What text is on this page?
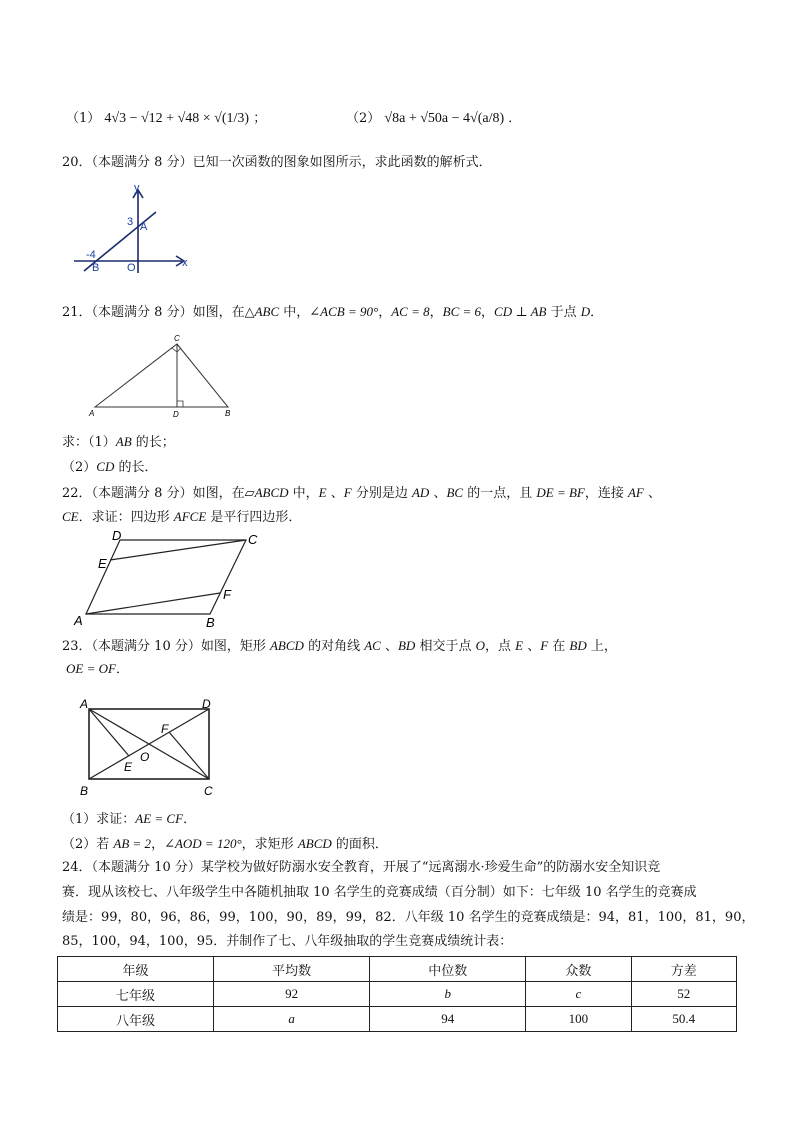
（1） 4√3 − √12 + √48 × √(1/3) ；	（2） √8a + √50a − 4√(a/8) ．
20．（本题满分 8 分）已知一次函数的图象如图所示，求此函数的解析式．
x
y
3 A
-4
B	O
21．（本题满分 8 分）如图，在△ABC 中，∠ACB = 90°，AC = 8，BC = 6，CD ⊥ AB 于点 D．
A	B
C
D
求：（1）AB 的长；
（2）CD 的长．
22．（本题满分 8 分）如图，在▱ABCD 中，E 、F 分别是边 AD 、BC 的一点，且 DE = BF，连接 AF 、
CE．求证：四边形 AFCE 是平行四边形．
A	B
C
D
E
F
23．（本题满分 10 分）如图，矩形 ABCD 的对角线 AC 、BD 相交于点 O，点 E 、F 在 BD 上，
OE = OF．
A	D
B	C
F
O
E
（1）求证：AE = CF．
（2）若 AB = 2，∠AOD = 120°，求矩形 ABCD 的面积．
24．（本题满分 10 分）某学校为做好防溺水安全教育，开展了“远离溺水·珍爱生命”的防溺水安全知识竞
赛．现从该校七、八年级学生中各随机抽取 10 名学生的竞赛成绩（百分制）如下：七年级 10 名学生的竞赛成
绩是：99，80，96，86，99，100，90，89，99，82．八年级 10 名学生的竞赛成绩是：94，81，100，81，90，
85，100，94，100，95．并制作了七、八年级抽取的学生竞赛成绩统计表：
年级	平均数	中位数	众数	方差
七年级	92	b	c	52
八年级	a	94	100	50.4
